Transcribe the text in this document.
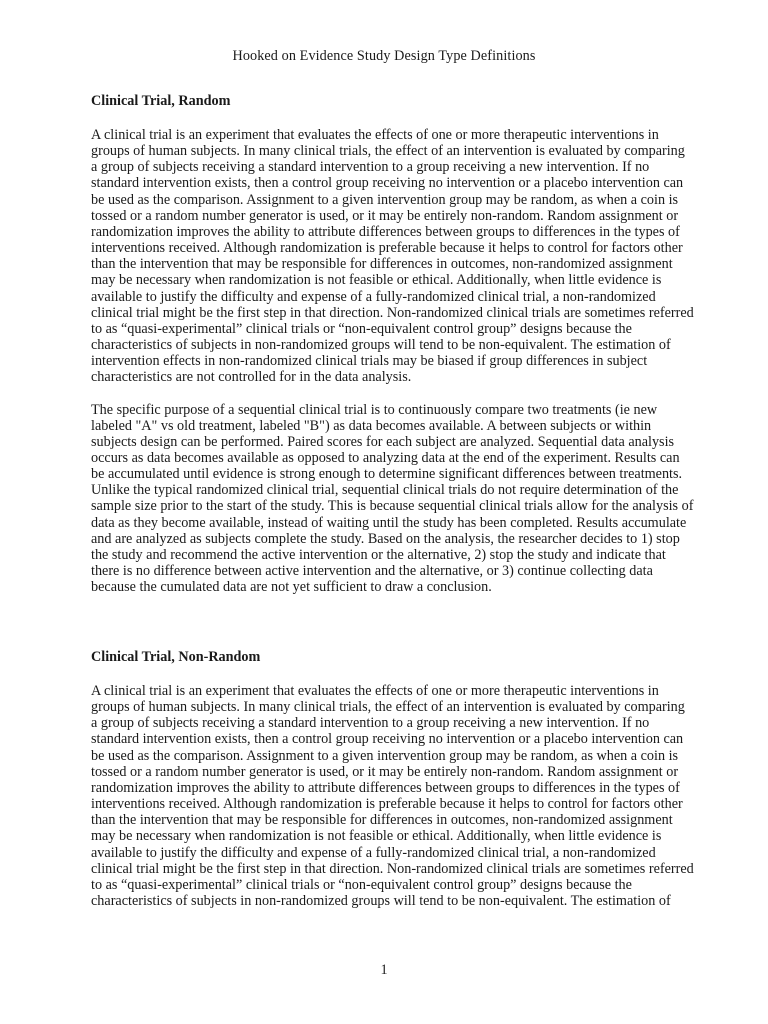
Hooked on Evidence Study Design Type Definitions
Clinical Trial, Random

A clinical trial is an experiment that evaluates the effects of one or more therapeutic interventions in
groups of human subjects. In many clinical trials, the effect of an intervention is evaluated by comparing
a group of subjects receiving a standard intervention to a group receiving a new intervention. If no
standard intervention exists, then a control group receiving no intervention or a placebo intervention can
be used as the comparison. Assignment to a given intervention group may be random, as when a coin is
tossed or a random number generator is used, or it may be entirely non-random. Random assignment or
randomization improves the ability to attribute differences between groups to differences in the types of
interventions received. Although randomization is preferable because it helps to control for factors other
than the intervention that may be responsible for differences in outcomes, non-randomized assignment
may be necessary when randomization is not feasible or ethical. Additionally, when little evidence is
available to justify the difficulty and expense of a fully-randomized clinical trial, a non-randomized
clinical trial might be the first step in that direction. Non-randomized clinical trials are sometimes referred
to as “quasi-experimental” clinical trials or “non-equivalent control group” designs because the
characteristics of subjects in non-randomized groups will tend to be non-equivalent. The estimation of
intervention effects in non-randomized clinical trials may be biased if group differences in subject
characteristics are not controlled for in the data analysis.

The specific purpose of a sequential clinical trial is to continuously compare two treatments (ie new
labeled "A" vs old treatment, labeled "B") as data becomes available. A between subjects or within
subjects design can be performed. Paired scores for each subject are analyzed. Sequential data analysis
occurs as data becomes available as opposed to analyzing data at the end of the experiment. Results can
be accumulated until evidence is strong enough to determine significant differences between treatments.
Unlike the typical randomized clinical trial, sequential clinical trials do not require determination of the
sample size prior to the start of the study. This is because sequential clinical trials allow for the analysis of
data as they become available, instead of waiting until the study has been completed. Results accumulate
and are analyzed as subjects complete the study. Based on the analysis, the researcher decides to 1) stop
the study and recommend the active intervention or the alternative, 2) stop the study and indicate that
there is no difference between active intervention and the alternative, or 3) continue collecting data
because the cumulated data are not yet sufficient to draw a conclusion.

Clinical Trial, Non-Random

A clinical trial is an experiment that evaluates the effects of one or more therapeutic interventions in
groups of human subjects. In many clinical trials, the effect of an intervention is evaluated by comparing
a group of subjects receiving a standard intervention to a group receiving a new intervention. If no
standard intervention exists, then a control group receiving no intervention or a placebo intervention can
be used as the comparison. Assignment to a given intervention group may be random, as when a coin is
tossed or a random number generator is used, or it may be entirely non-random. Random assignment or
randomization improves the ability to attribute differences between groups to differences in the types of
interventions received. Although randomization is preferable because it helps to control for factors other
than the intervention that may be responsible for differences in outcomes, non-randomized assignment
may be necessary when randomization is not feasible or ethical. Additionally, when little evidence is
available to justify the difficulty and expense of a fully-randomized clinical trial, a non-randomized
clinical trial might be the first step in that direction. Non-randomized clinical trials are sometimes referred
to as “quasi-experimental” clinical trials or “non-equivalent control group” designs because the
characteristics of subjects in non-randomized groups will tend to be non-equivalent. The estimation of

1
